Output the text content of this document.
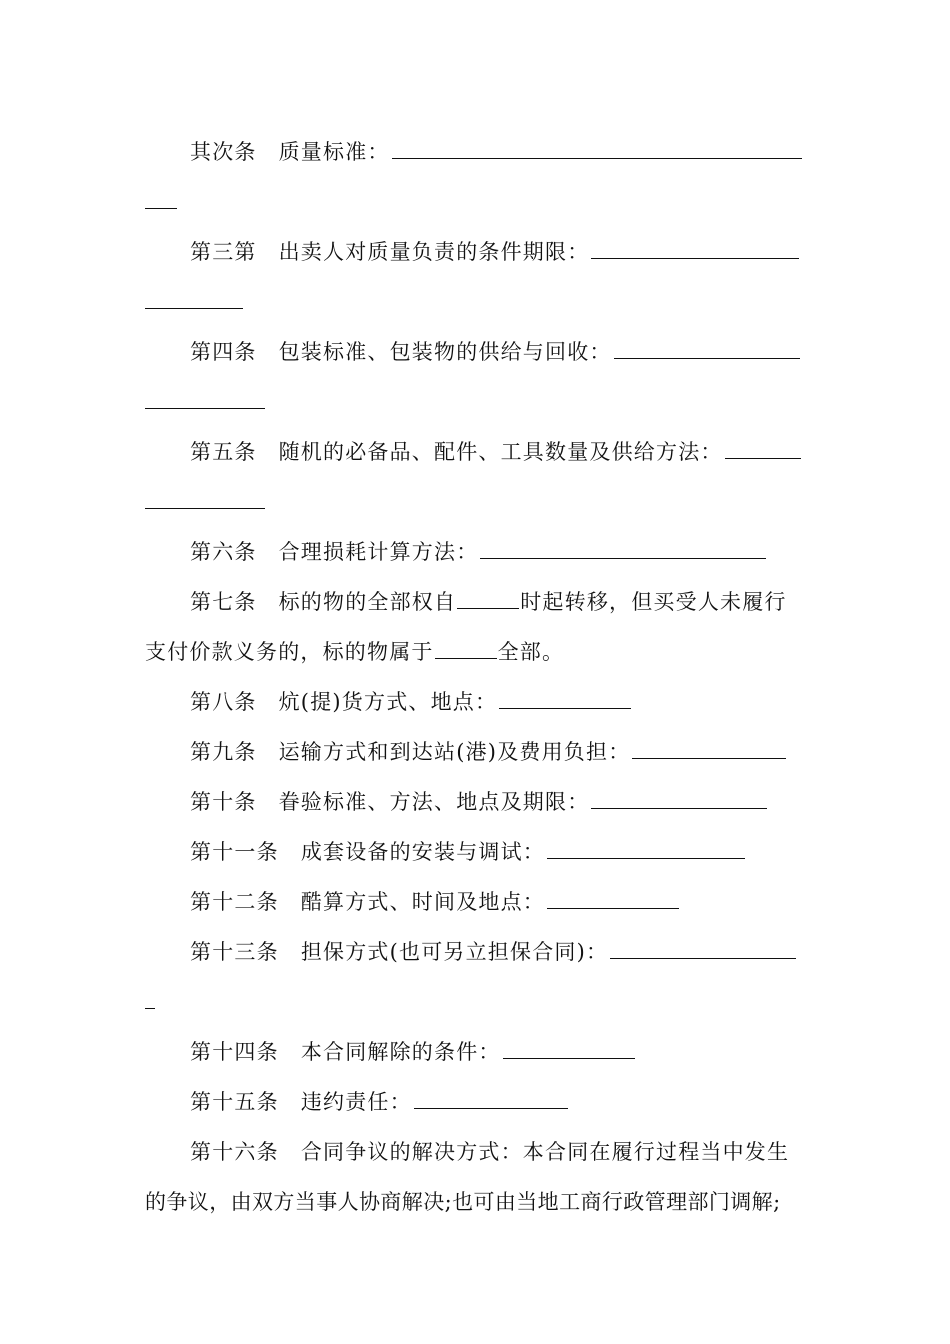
其次条 质量标准：
第三第 出卖人对质量负责的条件期限：
第四条 包装标准、包装物的供给与回收：
第五条 随机的必备品、配件、工具数量及供给方法：
第六条 合理损耗计算方法：
第七条 标的物的全部权自	时起转移，但买受人未履行
支付价款义务的，标的物属于	全部。
第八条 炕(提)货方式、地点：
第九条 运输方式和到达站(港)及费用负担：
第十条 眷验标准、方法、地点及期限：
第十一条 成套设备的安装与调试：
第十二条 酷算方式、时间及地点：
第十三条 担保方式(也可另立担保合同)：
第十四条 本合同解除的条件：
第十五条 违约责任：
第十六条 合同争议的解决方式：本合同在履行过程当中发生
的争议，由双方当事人协商解决;也可由当地工商行政管理部门调解;
